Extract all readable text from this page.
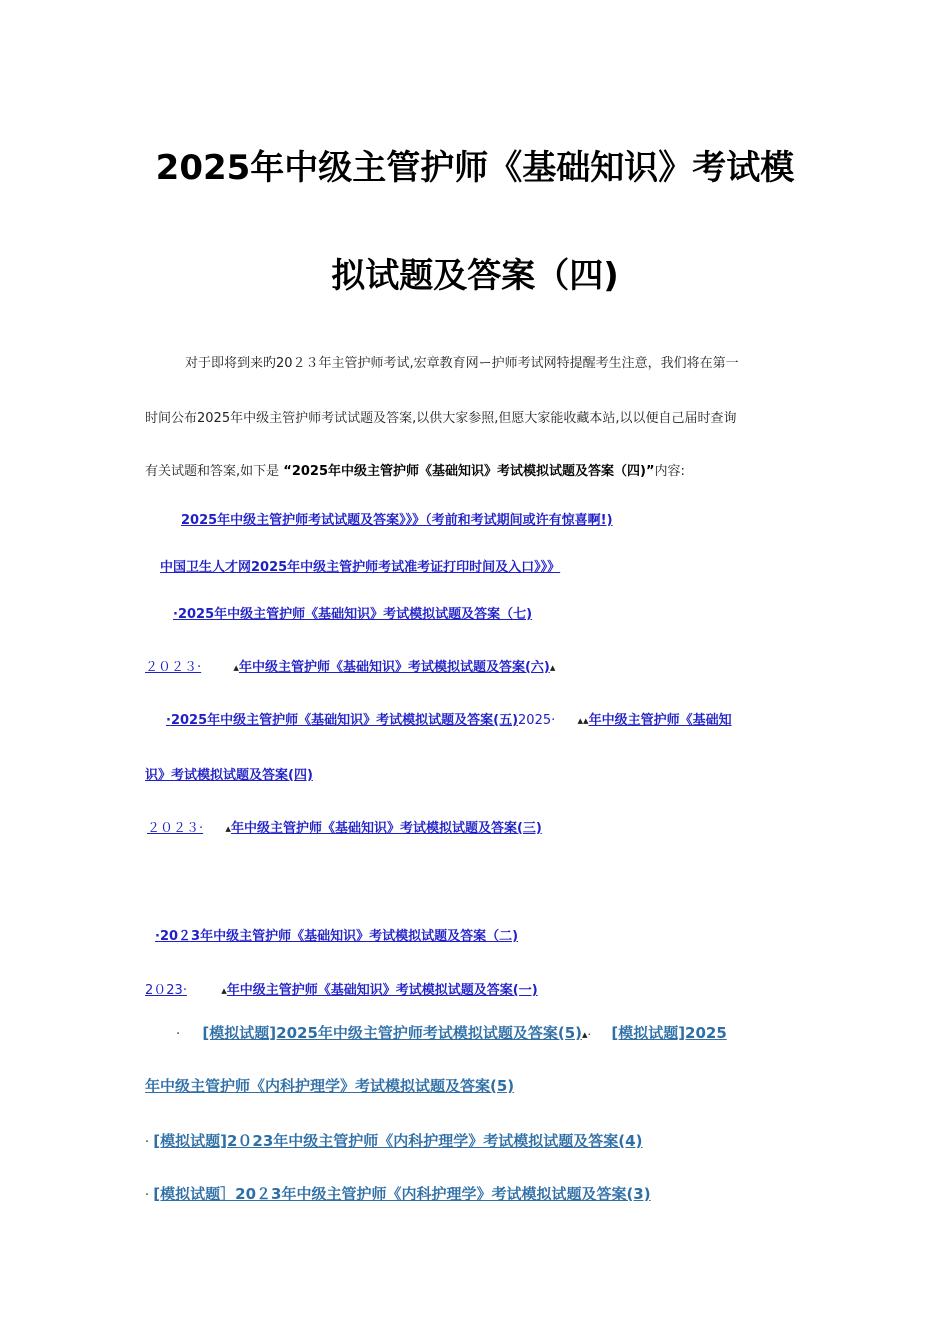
2025年中级主管护师《基础知识》考试模
拟试题及答案（四)
对于即将到来旳20２３年主管护师考试,宏章教育网ー护师考试网特提醒考生注意，我们将在第一
时间公布2025年中级主管护师考试试题及答案,以供大家参照,但愿大家能收藏本站,以以便自己届时查询
有关试题和答案,如下是 “2025年中级主管护师《基础知识》考试模拟试题及答案（四)”内容:
2025年中级主管护师考试试题及答案》》》（考前和考试期间或许有惊喜啊!)
中国卫生人才网2025年中级主管护师考试准考证打印时间及入口》》》
·2025年中级主管护师《基础知识》考试模拟试题及答案（七)
２０２３·	▴年中级主管护师《基础知识》考试模拟试题及答案(六)▴
·2025年中级主管护师《基础知识》考试模拟试题及答案(五)2025· ▴▴年中级主管护师《基础知
识》考试模拟试题及答案(四)
２０２３· ▴年中级主管护师《基础知识》考试模拟试题及答案(三)
·20２3年中级主管护师《基础知识》考试模拟试题及答案（二)
2０23·	▴年中级主管护师《基础知识》考试模拟试题及答案(一)
· [模拟试题]2025年中级主管护师考试模拟试题及答案(5)▴· [模拟试题]2025
年中级主管护师《内科护理学》考试模拟试题及答案(5)
· [模拟试题]2０23年中级主管护师《内科护理学》考试模拟试题及答案(4)
· [模拟试题］20２3年中级主管护师《内科护理学》考试模拟试题及答案(3)
